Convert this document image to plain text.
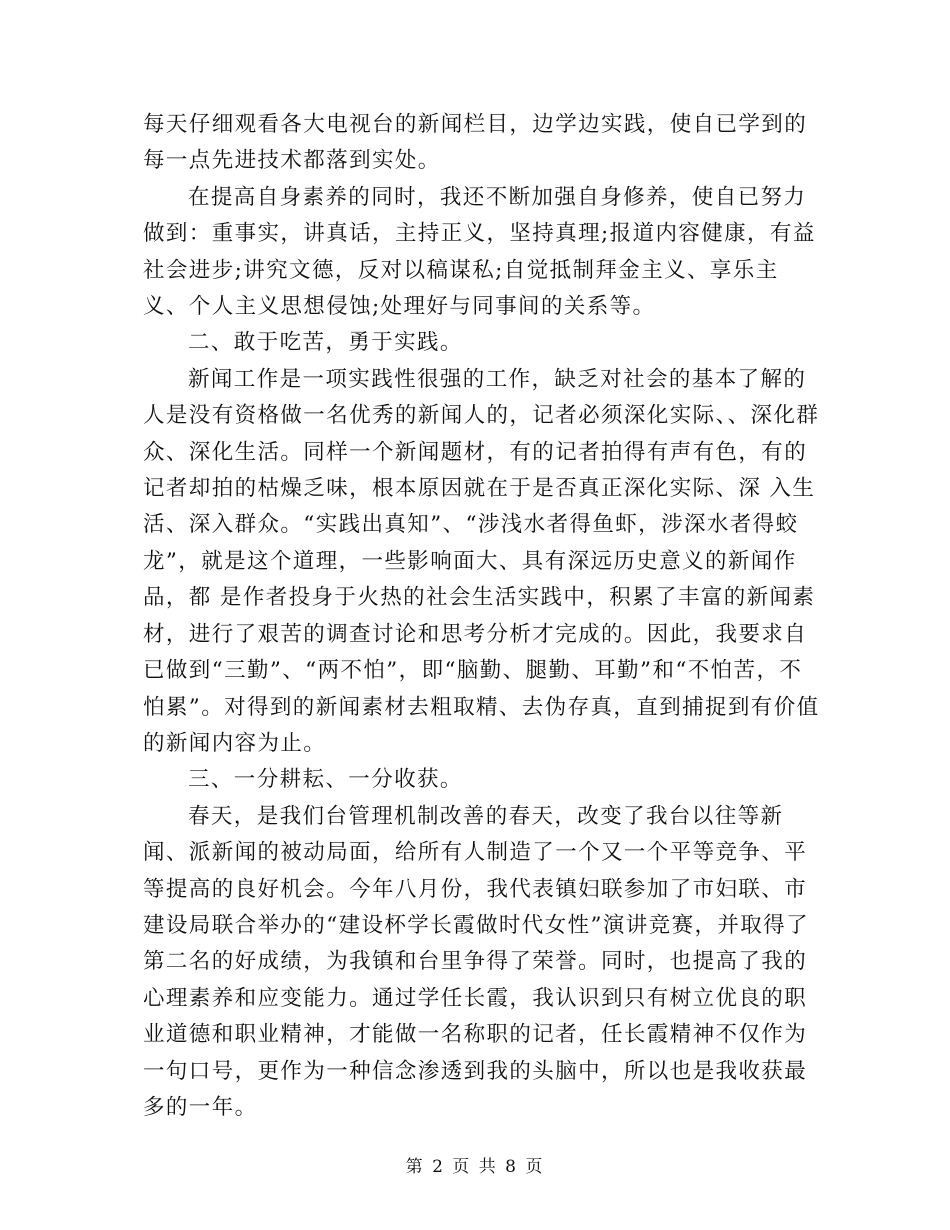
每天仔细观看各大电视台的新闻栏目，边学边实践，使自已学到的每一点先进技术都落到实处。

在提高自身素养的同时，我还不断加强自身修养，使自已努力做到：重事实，讲真话，主持正义，坚持真理;报道内容健康，有益社会进步;讲究文德，反对以稿谋私;自觉抵制拜金主义、享乐主义、个人主义思想侵蚀;处理好与同事间的关系等。

二、敢于吃苦，勇于实践。

新闻工作是一项实践性很强的工作，缺乏对社会的基本了解的人是没有资格做一名优秀的新闻人的，记者必须深化实际、、深化群众、深化生活。同样一个新闻题材，有的记者拍得有声有色，有的记者却拍的枯燥乏味，根本原因就在于是否真正深化实际、深 入生活、深入群众。“实践出真知”、“涉浅水者得鱼虾，涉深水者得蛟龙”，就是这个道理，一些影响面大、具有深远历史意义的新闻作品，都 是作者投身于火热的社会生活实践中，积累了丰富的新闻素材，进行了艰苦的调查讨论和思考分析才完成的。因此，我要求自已做到“三勤”、“两不怕”，即“脑勤、腿勤、耳勤”和“不怕苦，不怕累”。对得到的新闻素材去粗取精、去伪存真，直到捕捉到有价值的新闻内容为止。

三、一分耕耘、一分收获。

春天，是我们台管理机制改善的春天，改变了我台以往等新闻、派新闻的被动局面，给所有人制造了一个又一个平等竞争、平等提高的良好机会。今年八月份，我代表镇妇联参加了市妇联、市建设局联合举办的“建设杯学长霞做时代女性”演讲竞赛，并取得了第二名的好成绩，为我镇和台里争得了荣誉。同时，也提高了我的心理素养和应变能力。通过学任长霞，我认识到只有树立优良的职业道德和职业精神，才能做一名称职的记者，任长霞精神不仅作为一句口号，更作为一种信念渗透到我的头脑中，所以也是我收获最多的一年。

第 2 页 共 8 页
